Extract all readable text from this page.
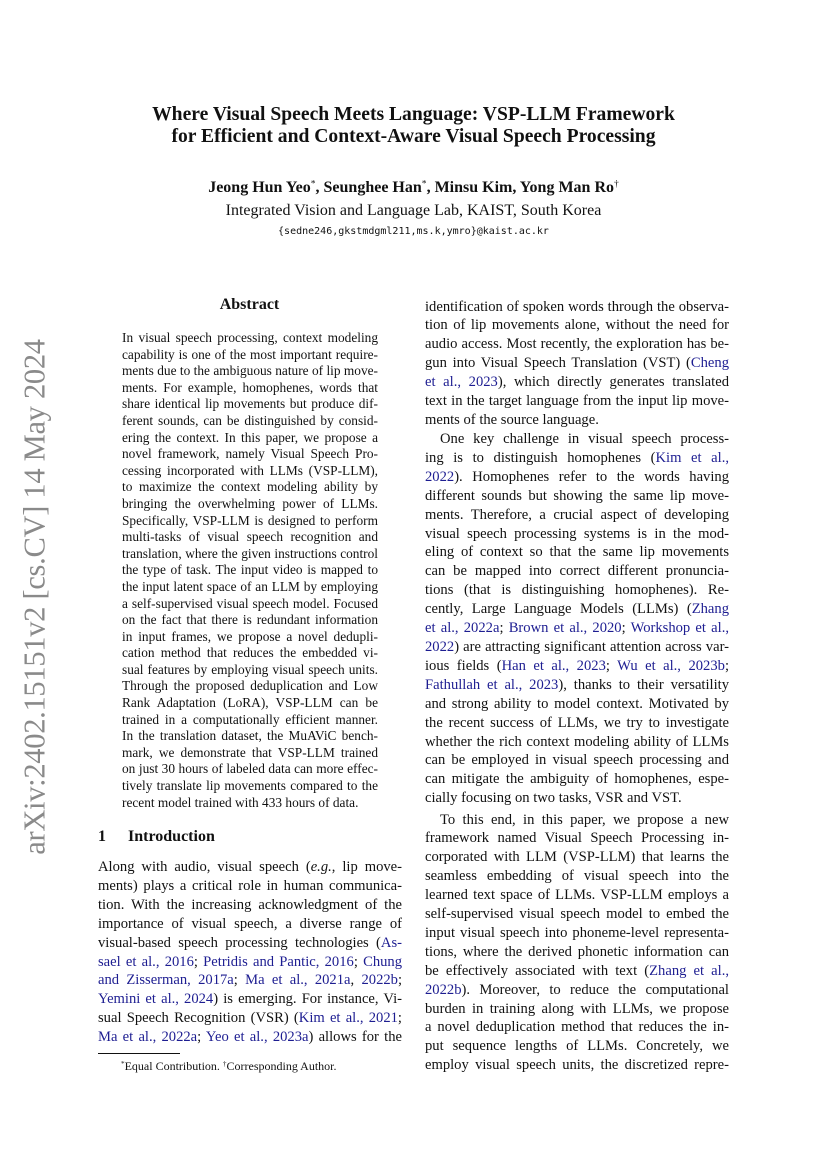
arXiv:2402.15151v2 [cs.CV] 14 May 2024
Where Visual Speech Meets Language: VSP-LLM Framework
for Efficient and Context-Aware Visual Speech Processing
Jeong Hun Yeo*, Seunghee Han*, Minsu Kim, Yong Man Ro†
Integrated Vision and Language Lab, KAIST, South Korea
{sedne246,gkstmdgml211,ms.k,ymro}@kaist.ac.kr
Abstract
In visual speech processing, context modeling
capability is one of the most important require-
ments due to the ambiguous nature of lip move-
ments. For example, homophenes, words that
share identical lip movements but produce dif-
ferent sounds, can be distinguished by consid-
ering the context. In this paper, we propose a
novel framework, namely Visual Speech Pro-
cessing incorporated with LLMs (VSP-LLM),
to maximize the context modeling ability by
bringing the overwhelming power of LLMs.
Specifically, VSP-LLM is designed to perform
multi-tasks of visual speech recognition and
translation, where the given instructions control
the type of task. The input video is mapped to
the input latent space of an LLM by employing
a self-supervised visual speech model. Focused
on the fact that there is redundant information
in input frames, we propose a novel dedupli-
cation method that reduces the embedded vi-
sual features by employing visual speech units.
Through the proposed deduplication and Low
Rank Adaptation (LoRA), VSP-LLM can be
trained in a computationally efficient manner.
In the translation dataset, the MuAViC bench-
mark, we demonstrate that VSP-LLM trained
on just 30 hours of labeled data can more effec-
tively translate lip movements compared to the
recent model trained with 433 hours of data.
1 Introduction
Along with audio, visual speech (e.g., lip move-
ments) plays a critical role in human communica-
tion. With the increasing acknowledgment of the
importance of visual speech, a diverse range of
visual-based speech processing technologies (As-
sael et al., 2016; Petridis and Pantic, 2016; Chung
and Zisserman, 2017a; Ma et al., 2021a, 2022b;
Yemini et al., 2024) is emerging. For instance, Vi-
sual Speech Recognition (VSR) (Kim et al., 2021;
Ma et al., 2022a; Yeo et al., 2023a) allows for the
identification of spoken words through the observa-
tion of lip movements alone, without the need for
audio access. Most recently, the exploration has be-
gun into Visual Speech Translation (VST) (Cheng
et al., 2023), which directly generates translated
text in the target language from the input lip move-
ments of the source language.
One key challenge in visual speech process-
ing is to distinguish homophenes (Kim et al.,
2022). Homophenes refer to the words having
different sounds but showing the same lip move-
ments. Therefore, a crucial aspect of developing
visual speech processing systems is in the mod-
eling of context so that the same lip movements
can be mapped into correct different pronuncia-
tions (that is distinguishing homophenes). Re-
cently, Large Language Models (LLMs) (Zhang
et al., 2022a; Brown et al., 2020; Workshop et al.,
2022) are attracting significant attention across var-
ious fields (Han et al., 2023; Wu et al., 2023b;
Fathullah et al., 2023), thanks to their versatility
and strong ability to model context. Motivated by
the recent success of LLMs, we try to investigate
whether the rich context modeling ability of LLMs
can be employed in visual speech processing and
can mitigate the ambiguity of homophenes, espe-
cially focusing on two tasks, VSR and VST.
To this end, in this paper, we propose a new
framework named Visual Speech Processing in-
corporated with LLM (VSP-LLM) that learns the
seamless embedding of visual speech into the
learned text space of LLMs. VSP-LLM employs a
self-supervised visual speech model to embed the
input visual speech into phoneme-level representa-
tions, where the derived phonetic information can
be effectively associated with text (Zhang et al.,
2022b). Moreover, to reduce the computational
burden in training along with LLMs, we propose
a novel deduplication method that reduces the in-
put sequence lengths of LLMs. Concretely, we
employ visual speech units, the discretized repre-
*Equal Contribution. †Corresponding Author.
